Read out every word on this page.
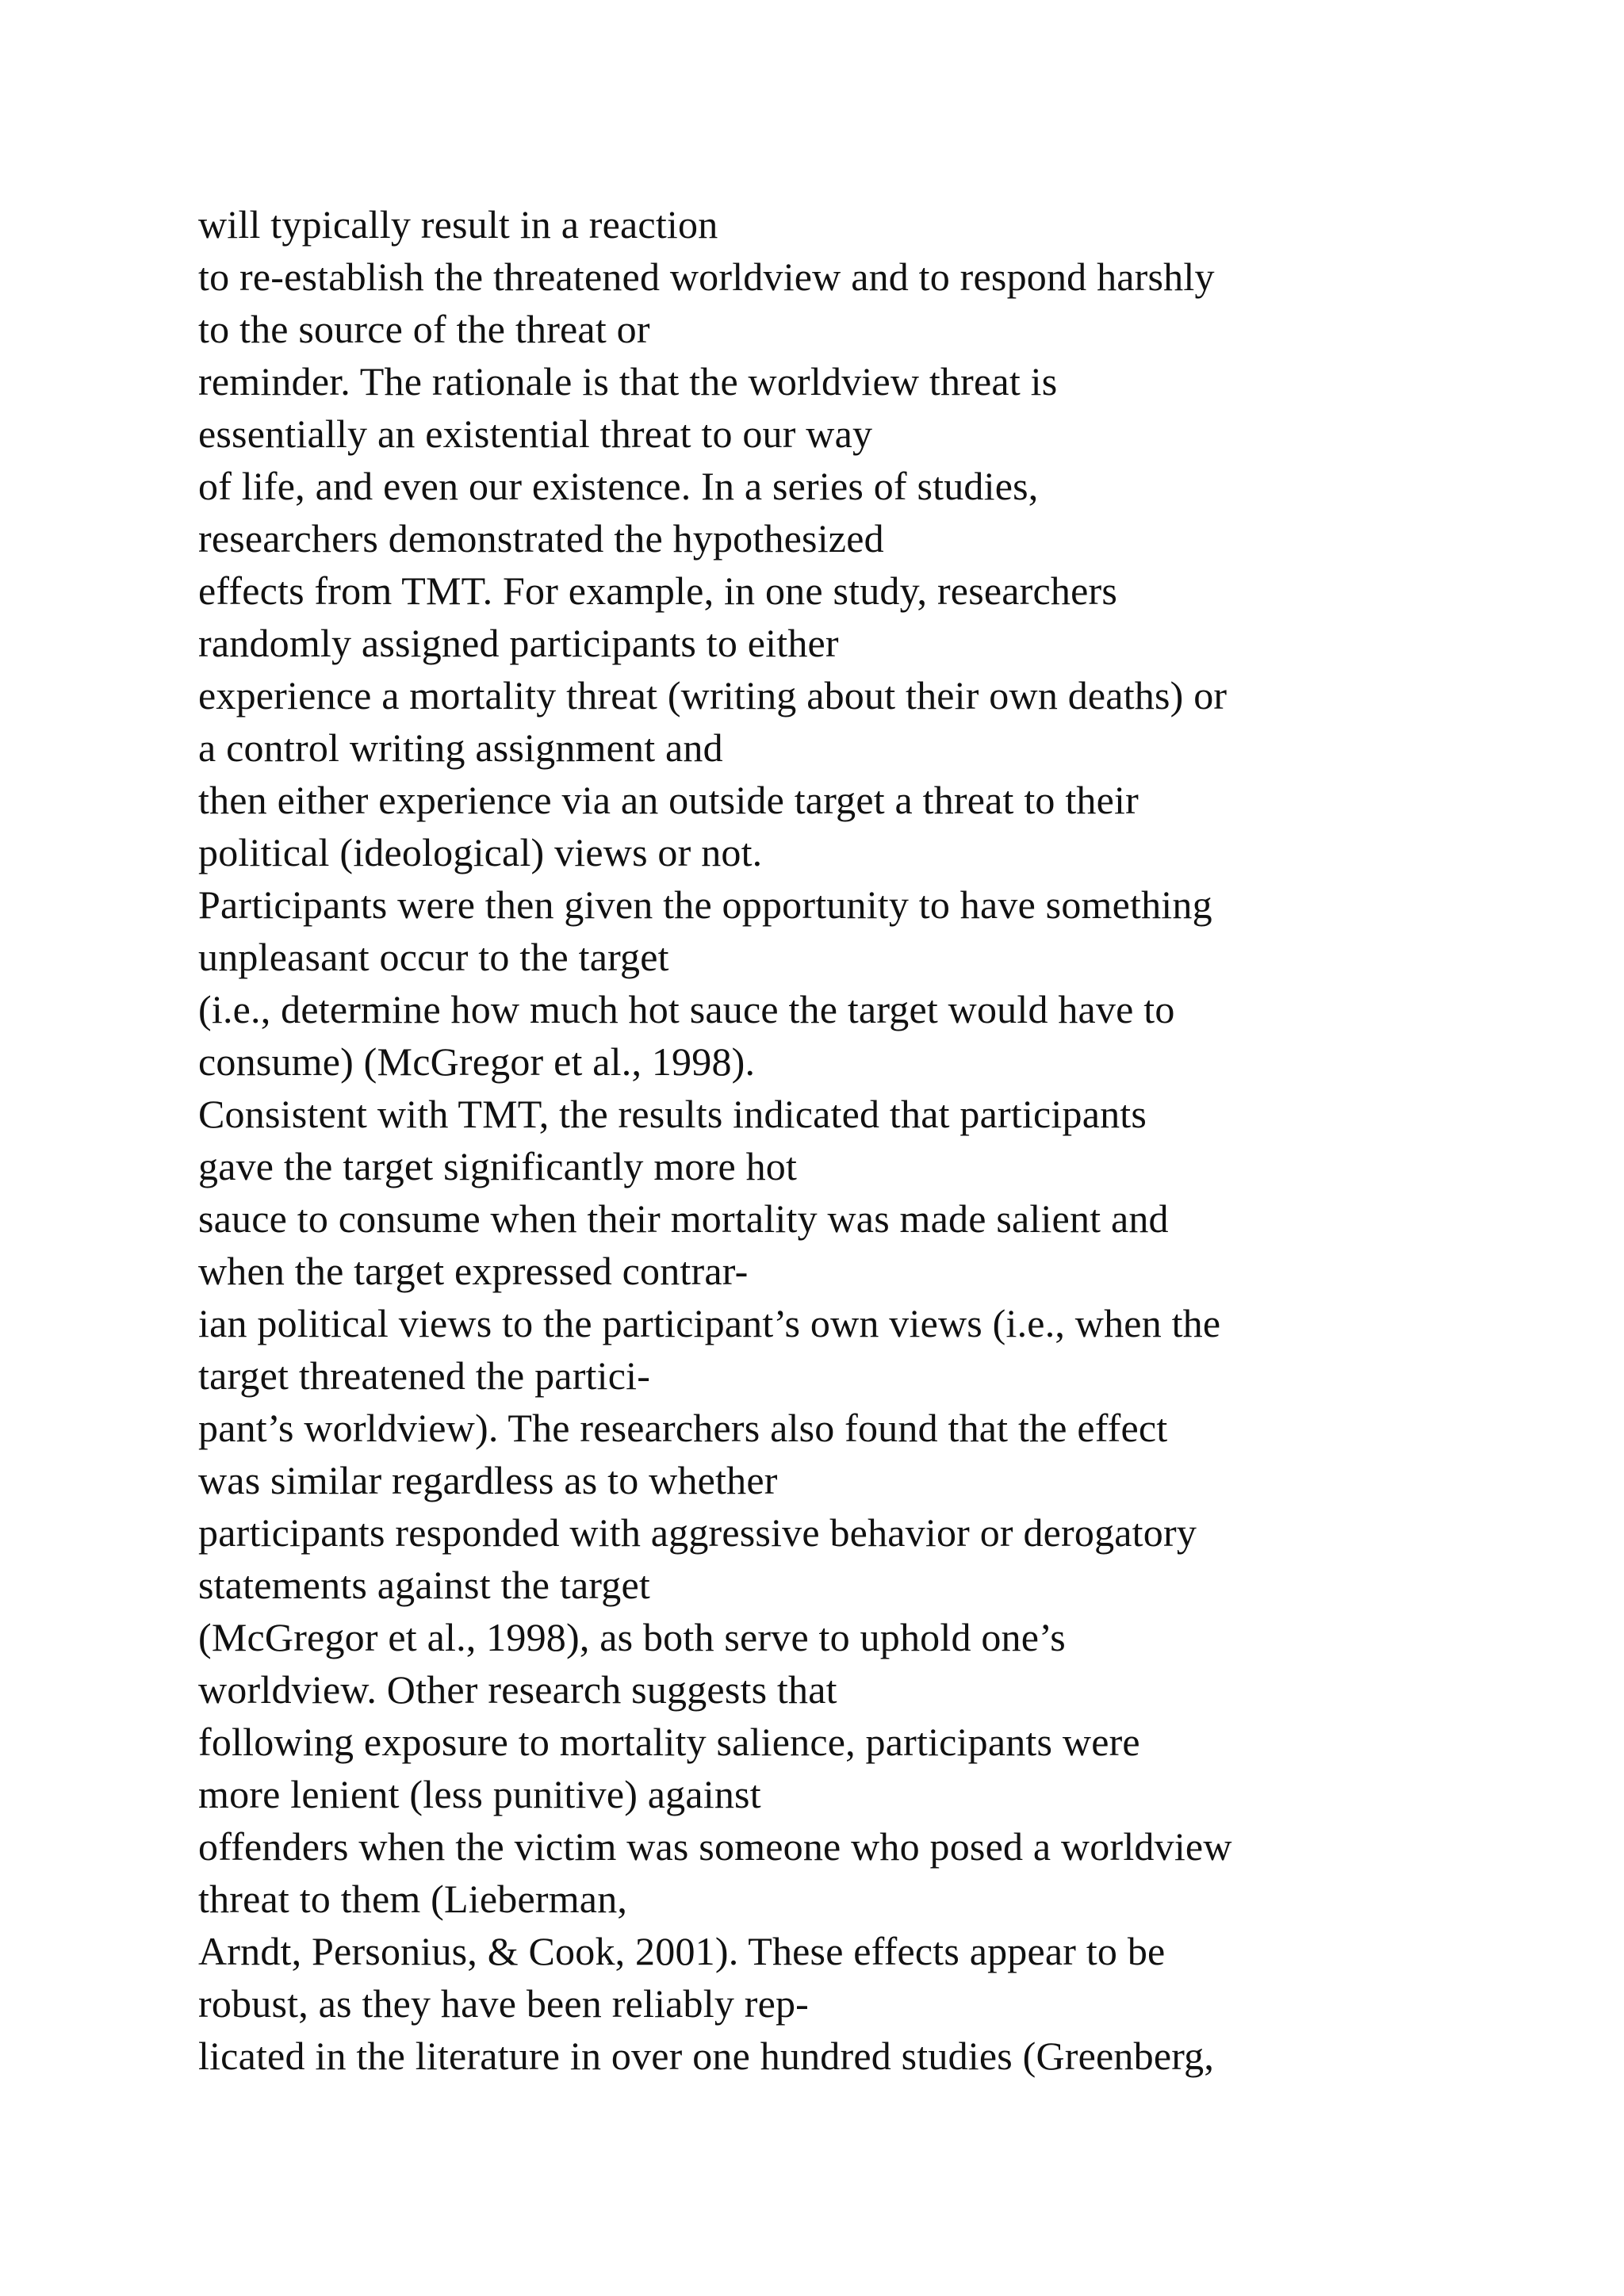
will typically result in a reaction
to re-establish the threatened worldview and to respond harshly
to the source of the threat or
reminder. The rationale is that the worldview threat is
essentially an existential threat to our way
of life, and even our existence. In a series of studies,
researchers demonstrated the hypothesized
effects from TMT. For example, in one study, researchers
randomly assigned participants to either
experience a mortality threat (writing about their own deaths) or
a control writing assignment and
then either experience via an outside target a threat to their
political (ideological) views or not.
Participants were then given the opportunity to have something
unpleasant occur to the target
(i.e., determine how much hot sauce the target would have to
consume) (McGregor et al., 1998).
Consistent with TMT, the results indicated that participants
gave the target significantly more hot
sauce to consume when their mortality was made salient and
when the target expressed contrar-
ian political views to the participant’s own views (i.e., when the
target threatened the partici-
pant’s worldview). The researchers also found that the effect
was similar regardless as to whether
participants responded with aggressive behavior or derogatory
statements against the target
(McGregor et al., 1998), as both serve to uphold one’s
worldview. Other research suggests that
following exposure to mortality salience, participants were
more lenient (less punitive) against
offenders when the victim was someone who posed a worldview
threat to them (Lieberman,
Arndt, Personius, & Cook, 2001). These effects appear to be
robust, as they have been reliably rep-
licated in the literature in over one hundred studies (Greenberg,
